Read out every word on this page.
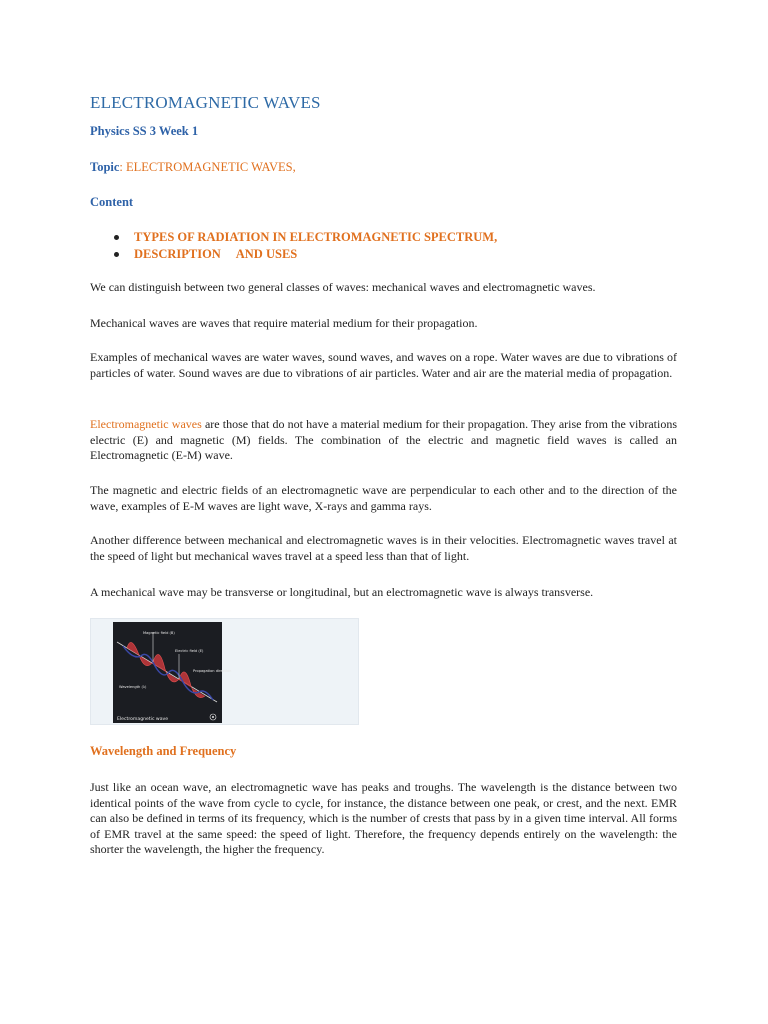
ELECTROMAGNETIC WAVES
Physics SS 3 Week 1
Topic: ELECTROMAGNETIC WAVES,
Content
TYPES OF RADIATION IN ELECTROMAGNETIC SPECTRUM,
DESCRIPTION     AND USES

We can distinguish between two general classes of waves: mechanical waves and electromagnetic waves.

Mechanical waves are waves that require material medium for their propagation.

Examples of mechanical waves are water waves, sound waves, and waves on a rope. Water waves are due to vibrations of particles of water. Sound waves are due to vibrations of air particles. Water and air are the material media of propagation.

Electromagnetic waves are those that do not have a material medium for their propagation. They arise from the vibrations electric (E) and magnetic (M) fields. The combination of the electric and magnetic field waves is called an Electromagnetic (E-M) wave.

The magnetic and electric fields of an electromagnetic wave are perpendicular to each other and to the direction of the wave, examples of E-M waves are light wave, X-rays and gamma rays.

Another difference between mechanical and electromagnetic waves is in their velocities. Electromagnetic waves travel at the speed of light but mechanical waves travel at a speed less than that of light.

A mechanical wave may be transverse or longitudinal, but an electromagnetic wave is always transverse.

Magnetic field (B)
Electric field (E)
Propagation direction
Wavelength (λ)
Electromagnetic wave
Wavelength and Frequency

Just like an ocean wave, an electromagnetic wave has peaks and troughs. The wavelength is the distance between two identical points of the wave from cycle to cycle, for instance, the distance between one peak, or crest, and the next. EMR can also be defined in terms of its frequency, which is the number of crests that pass by in a given time interval. All forms of EMR travel at the same speed: the speed of light. Therefore, the frequency depends entirely on the wavelength: the shorter the wavelength, the higher the frequency.
